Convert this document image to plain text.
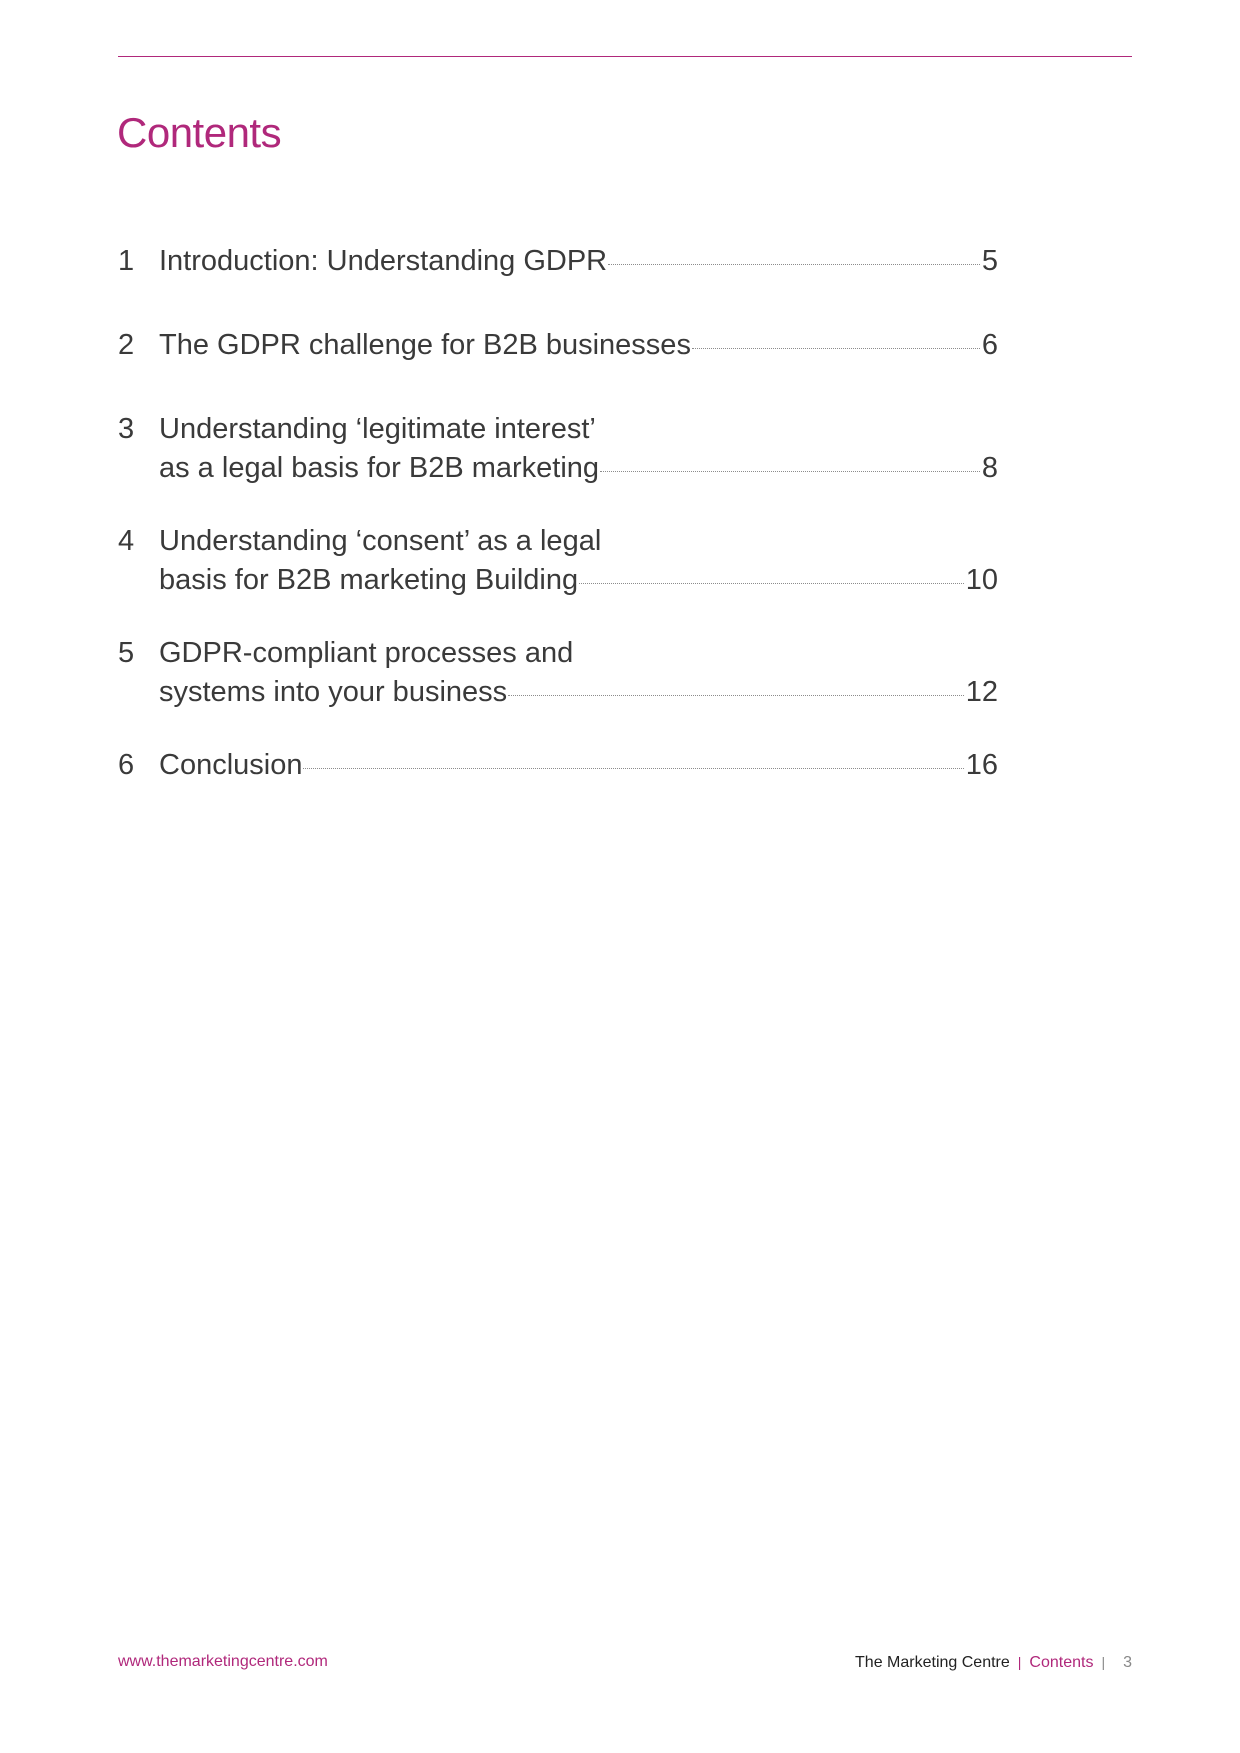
Contents
1 Introduction: Understanding GDPR	5
2 The GDPR challenge for B2B businesses	6
3 Understanding ‘legitimate interest’
as a legal basis for B2B marketing	8
4 Understanding ‘consent’ as a legal
basis for B2B marketing Building	10
5 GDPR-compliant processes and
systems into your business	12
6 Conclusion	16
www.themarketingcentre.com	The Marketing Centre | Contents | 3
